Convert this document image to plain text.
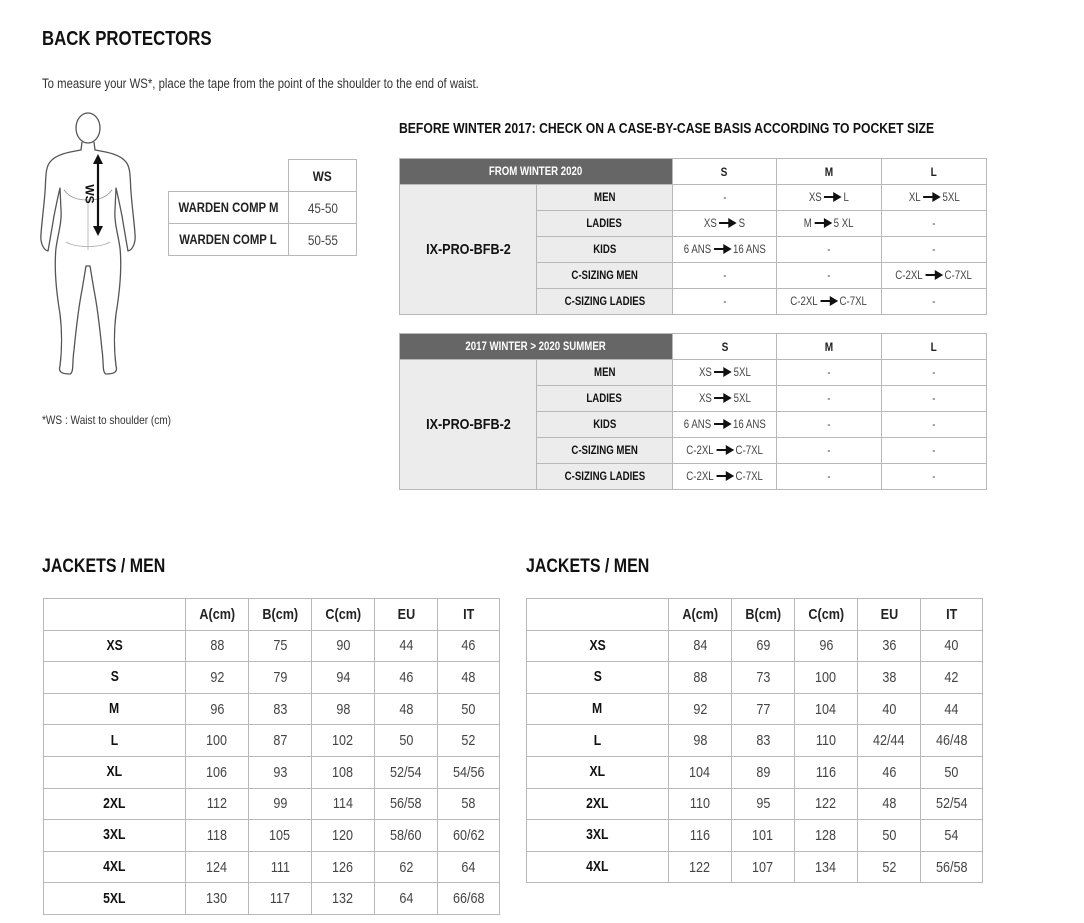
BACK PROTECTORS
To measure your WS*, place the tape from the point of the shoulder to the end of waist.
WS
*WS : Waist to shoulder (cm)
	WS
WARDEN COMP M	45-50
WARDEN COMP L	50-55
BEFORE WINTER 2017: CHECK ON A CASE-BY-CASE BASIS ACCORDING TO POCKET SIZE
FROM WINTER 2020		S	M	L
IX-PRO-BFB-2	MEN	-	XS L	XL 5XL
	LADIES	XS S	M 5 XL	-
	KIDS	6 ANS 16 ANS	-	-
	C-SIZING MEN	-	-	C-2XL C-7XL
	C-SIZING LADIES	-	C-2XL C-7XL	-
2017 WINTER > 2020 SUMMER		S	M	L
IX-PRO-BFB-2	MEN	XS 5XL	-	-
	LADIES	XS 5XL	-	-
	KIDS	6 ANS 16 ANS	-	-
	C-SIZING MEN	C-2XL C-7XL	-	-
	C-SIZING LADIES	C-2XL C-7XL	-	-
JACKETS / MEN	JACKETS / MEN
	A(cm)	B(cm)	C(cm)	EU	IT
XS	88	75	90	44	46
S	92	79	94	46	48
M	96	83	98	48	50
L	100	87	102	50	52
XL	106	93	108	52/54	54/56
2XL	112	99	114	56/58	58
3XL	118	105	120	58/60	60/62
4XL	124	111	126	62	64
5XL	130	117	132	64	66/68
	A(cm)	B(cm)	C(cm)	EU	IT
XS	84	69	96	36	40
S	88	73	100	38	42
M	92	77	104	40	44
L	98	83	110	42/44	46/48
XL	104	89	116	46	50
2XL	110	95	122	48	52/54
3XL	116	101	128	50	54
4XL	122	107	134	52	56/58
